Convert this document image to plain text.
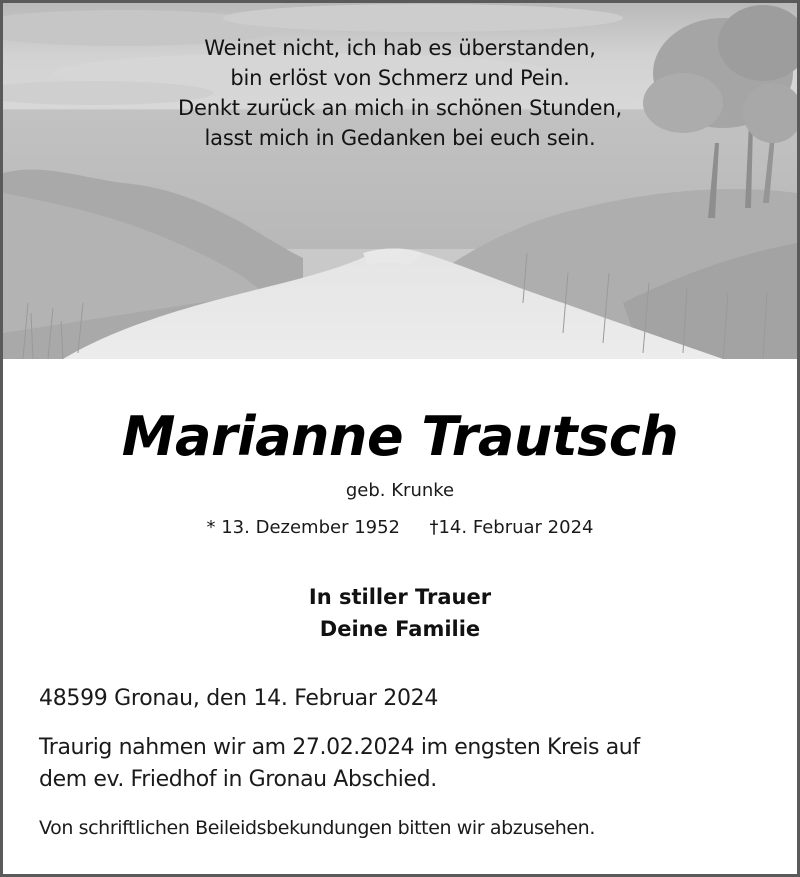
Weinet nicht, ich hab es überstanden,
bin erlöst von Schmerz und Pein.
Denkt zurück an mich in schönen Stunden,
lasst mich in Gedanken bei euch sein.
Marianne Trautsch
geb. Krunke
* 13. Dezember 1952 †14. Februar 2024
In stiller Trauer
Deine Familie
48599 Gronau, den 14. Februar 2024
Traurig nahmen wir am 27.02.2024 im engsten Kreis auf
dem ev. Friedhof in Gronau Abschied.
Von schriftlichen Beileidsbekundungen bitten wir abzusehen.
